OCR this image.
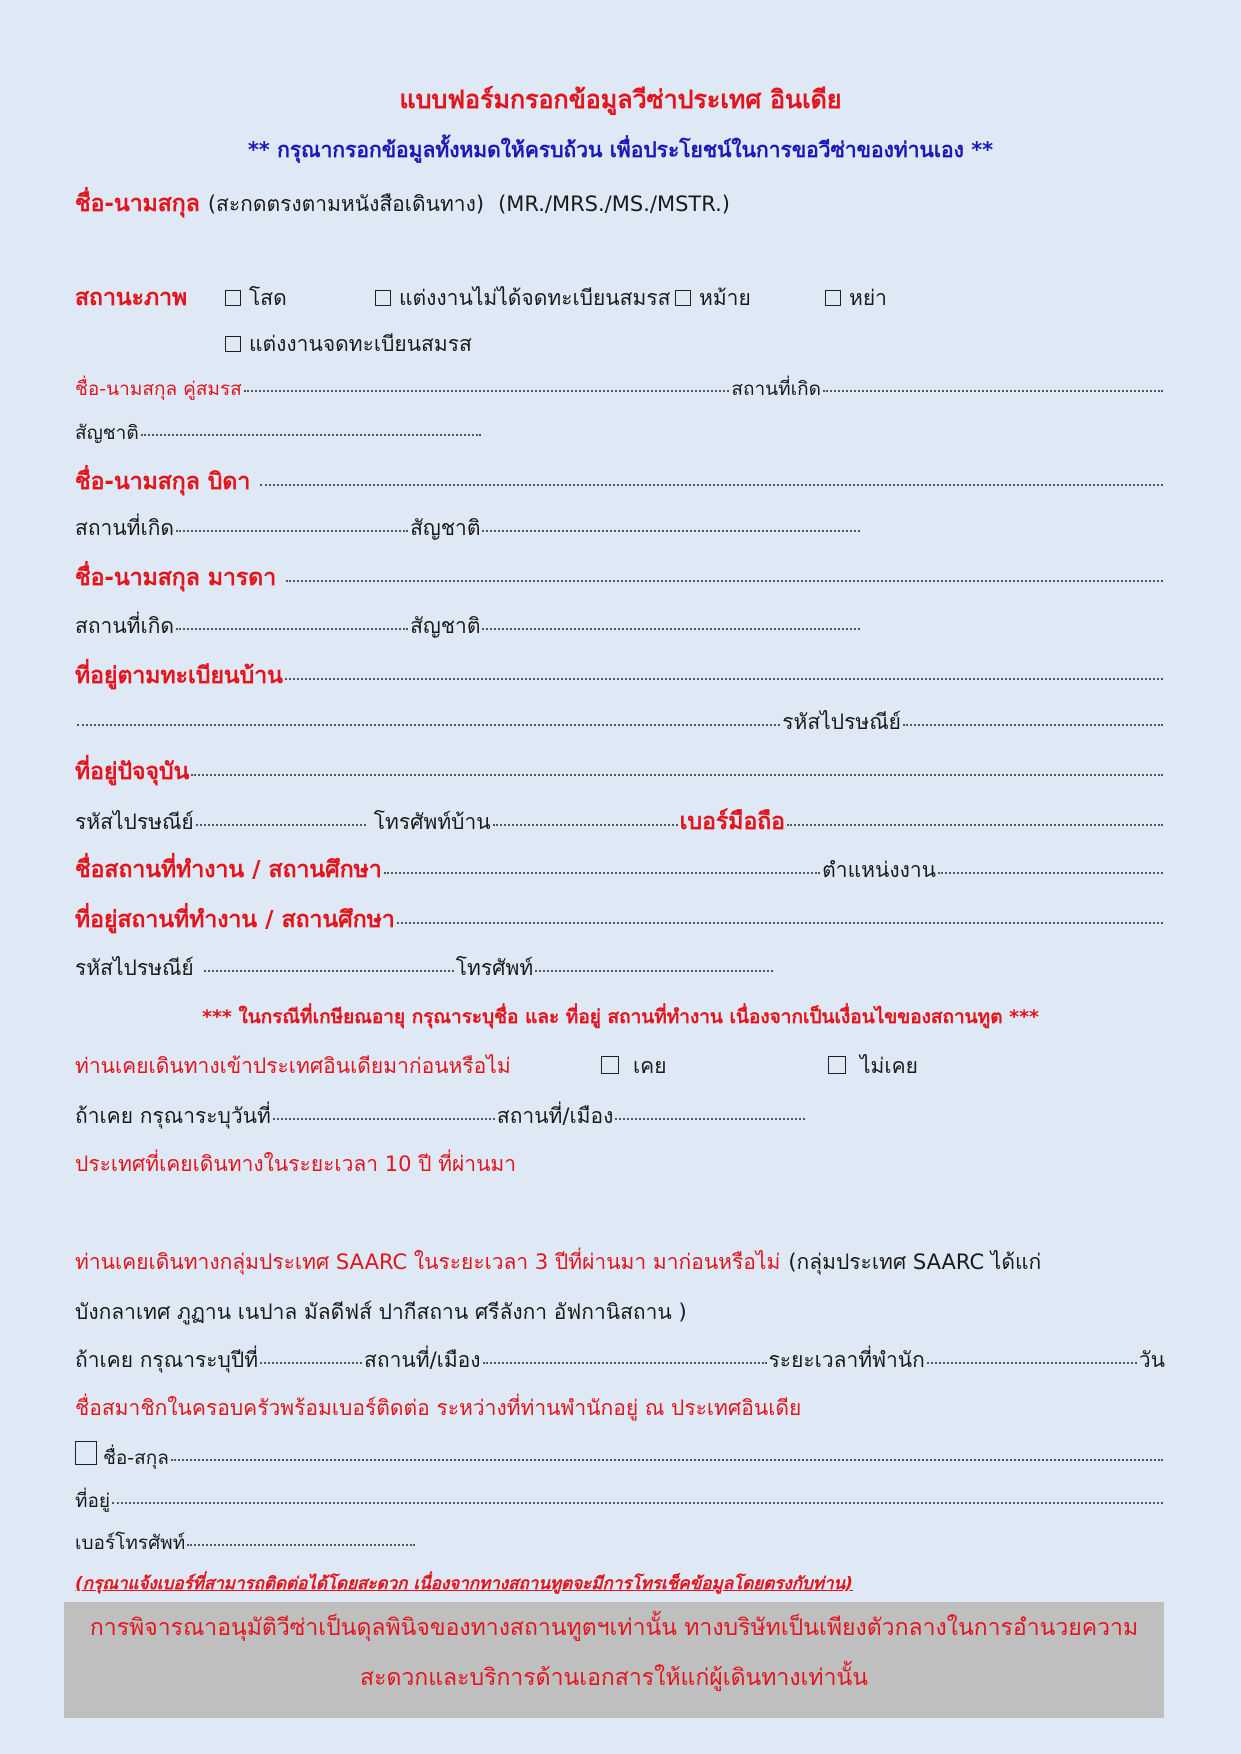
แบบฟอร์มกรอกข้อมูลวีซ่าประเทศ อินเดีย
** กรุณากรอกข้อมูลทั้งหมดให้ครบถ้วน เพื่อประโยชน์ในการขอวีซ่าของท่านเอง **
ชื่อ-นามสกุล (สะกดตรงตามหนังสือเดินทาง) (MR./MRS./MS./MSTR.)
สถานะภาพ	โสด	แต่งงานไม่ได้จดทะเบียนสมรส	หม้าย	หย่า
แต่งงานจดทะเบียนสมรส
ชื่อ-นามสกุล คู่สมรส	สถานที่เกิด
สัญชาติ
ชื่อ-นามสกุล บิดา
สถานที่เกิด	สัญชาติ
ชื่อ-นามสกุล มารดา
สถานที่เกิด	สัญชาติ
ที่อยู่ตามทะเบียนบ้าน
รหัสไปรษณีย์
ที่อยู่ปัจจุบัน
รหัสไปรษณีย์	โทรศัพท์บ้าน	เบอร์มือถือ
ชื่อสถานที่ทำงาน / สถานศึกษา	ตำแหน่งงาน
ที่อยู่สถานที่ทำงาน / สถานศึกษา
รหัสไปรษณีย์	โทรศัพท์
*** ในกรณีที่เกษียณอายุ กรุณาระบุชื่อ และ ที่อยู่ สถานที่ทำงาน เนื่องจากเป็นเงื่อนไขของสถานทูต ***
ท่านเคยเดินทางเข้าประเทศอินเดียมาก่อนหรือไม่	เคย	ไม่เคย
ถ้าเคย กรุณาระบุวันที่	สถานที่/เมือง
ประเทศที่เคยเดินทางในระยะเวลา 10 ปี ที่ผ่านมา
ท่านเคยเดินทางกลุ่มประเทศ SAARC ในระยะเวลา 3 ปีที่ผ่านมา มาก่อนหรือไม่ (กลุ่มประเทศ SAARC ได้แก่
บังกลาเทศ ภูฏาน เนปาล มัลดีฟส์ ปากีสถาน ศรีลังกา อัฟกานิสถาน )
ถ้าเคย กรุณาระบุปีที่	สถานที่/เมือง	ระยะเวลาที่พำนัก	วัน
ชื่อสมาชิกในครอบครัวพร้อมเบอร์ติดต่อ ระหว่างที่ท่านพำนักอยู่ ณ ประเทศอินเดีย
ชื่อ-สกุล
ที่อยู่
เบอร์โทรศัพท์
(กรุณาแจ้งเบอร์ที่สามารถติดต่อได้โดยสะดวก เนื่องจากทางสถานทูตจะมีการโทรเช็คข้อมูลโดยตรงกับท่าน)
การพิจารณาอนุมัติวีซ่าเป็นดุลพินิจของทางสถานทูตฯเท่านั้น ทางบริษัทเป็นเพียงตัวกลางในการอำนวยความ
สะดวกและบริการด้านเอกสารให้แก่ผู้เดินทางเท่านั้น
